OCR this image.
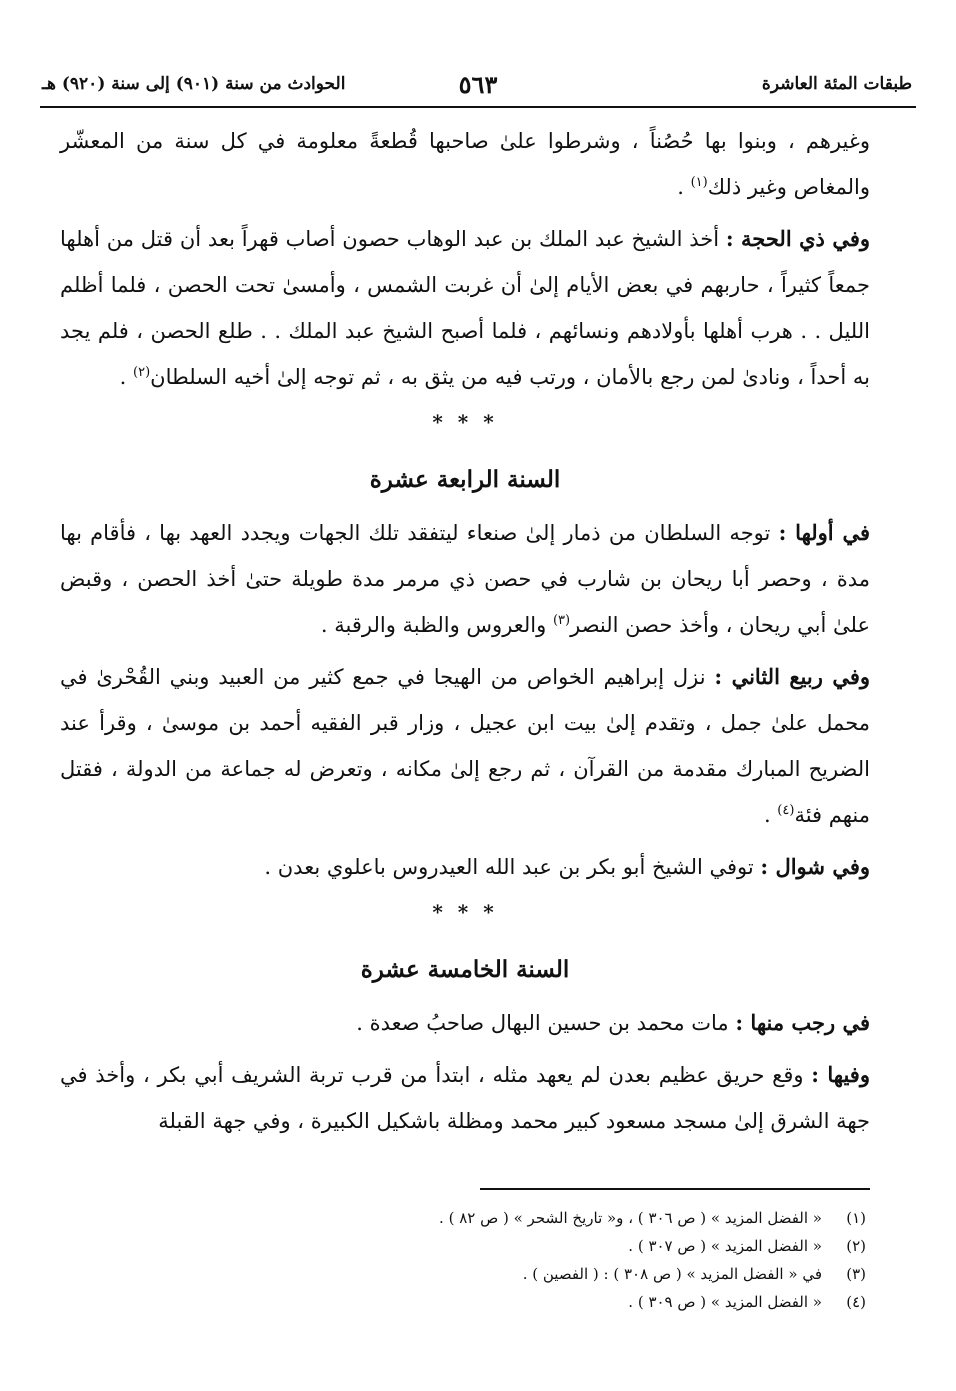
طبقات المئة العاشرة
٥٦٣
الحوادث من سنة (٩٠١) إلى سنة (٩٢٠) هـ

وغيرهم ، وبنوا بها حُصُناً ، وشرطوا علىٰ صاحبها قُطعةً معلومة في كل سنة من المعشّر والمغاص وغير ذلك$^{(١)}$ .

وفي ذي الحجة : أخذ الشيخ عبد الملك بن عبد الوهاب حصون أصاب قهراً بعد أن قتل من أهلها جمعاً كثيراً ، حاربهم في بعض الأيام إلىٰ أن غربت الشمس ، وأمسىٰ تحت الحصن ، فلما أظلم الليل . . هرب أهلها بأولادهم ونسائهم ، فلما أصبح الشيخ عبد الملك . . طلع الحصن ، فلم يجد به أحداً ، ونادىٰ لمن رجع بالأمان ، ورتب فيه من يثق به ، ثم توجه إلىٰ أخيه السلطان$^{(٢)}$ .

* * *
السنة الرابعة عشرة

في أولها : توجه السلطان من ذمار إلىٰ صنعاء ليتفقد تلك الجهات ويجدد العهد بها ، فأقام بها مدة ، وحصر أبا ريحان بن شارب في حصن ذي مرمر مدة طويلة حتىٰ أخذ الحصن ، وقبض علىٰ أبي ريحان ، وأخذ حصن النصر$^{(٣)}$ والعروس والظبة والرقبة .

وفي ربيع الثاني : نزل إبراهيم الخواص من الهيجا في جمع كثير من العبيد وبني القُحْرىٰ في محمل علىٰ جمل ، وتقدم إلىٰ بيت ابن عجيل ، وزار قبر الفقيه أحمد بن موسىٰ ، وقرأ عند الضريح المبارك مقدمة من القرآن ، ثم رجع إلىٰ مكانه ، وتعرض له جماعة من الدولة ، فقتل منهم فئة$^{(٤)}$ .

وفي شوال : توفي الشيخ أبو بكر بن عبد الله العيدروس باعلوي بعدن .

* * *
السنة الخامسة عشرة

في رجب منها : مات محمد بن حسين البهال صاحبُ صعدة .

وفيها : وقع حريق عظيم بعدن لم يعهد مثله ، ابتدأ من قرب تربة الشريف أبي بكر ، وأخذ في جهة الشرق إلىٰ مسجد مسعود كبير محمد ومظلة باشكيل الكبيرة ، وفي جهة القبلة

(١)« الفضل المزيد » ( ص ٣٠٦ ) ، و« تاريخ الشحر » ( ص ٨٢ ) .
(٢)« الفضل المزيد » ( ص ٣٠٧ ) .
(٣)في « الفضل المزيد » ( ص ٣٠٨ ) : ( الفصين ) .
(٤)« الفضل المزيد » ( ص ٣٠٩ ) .
